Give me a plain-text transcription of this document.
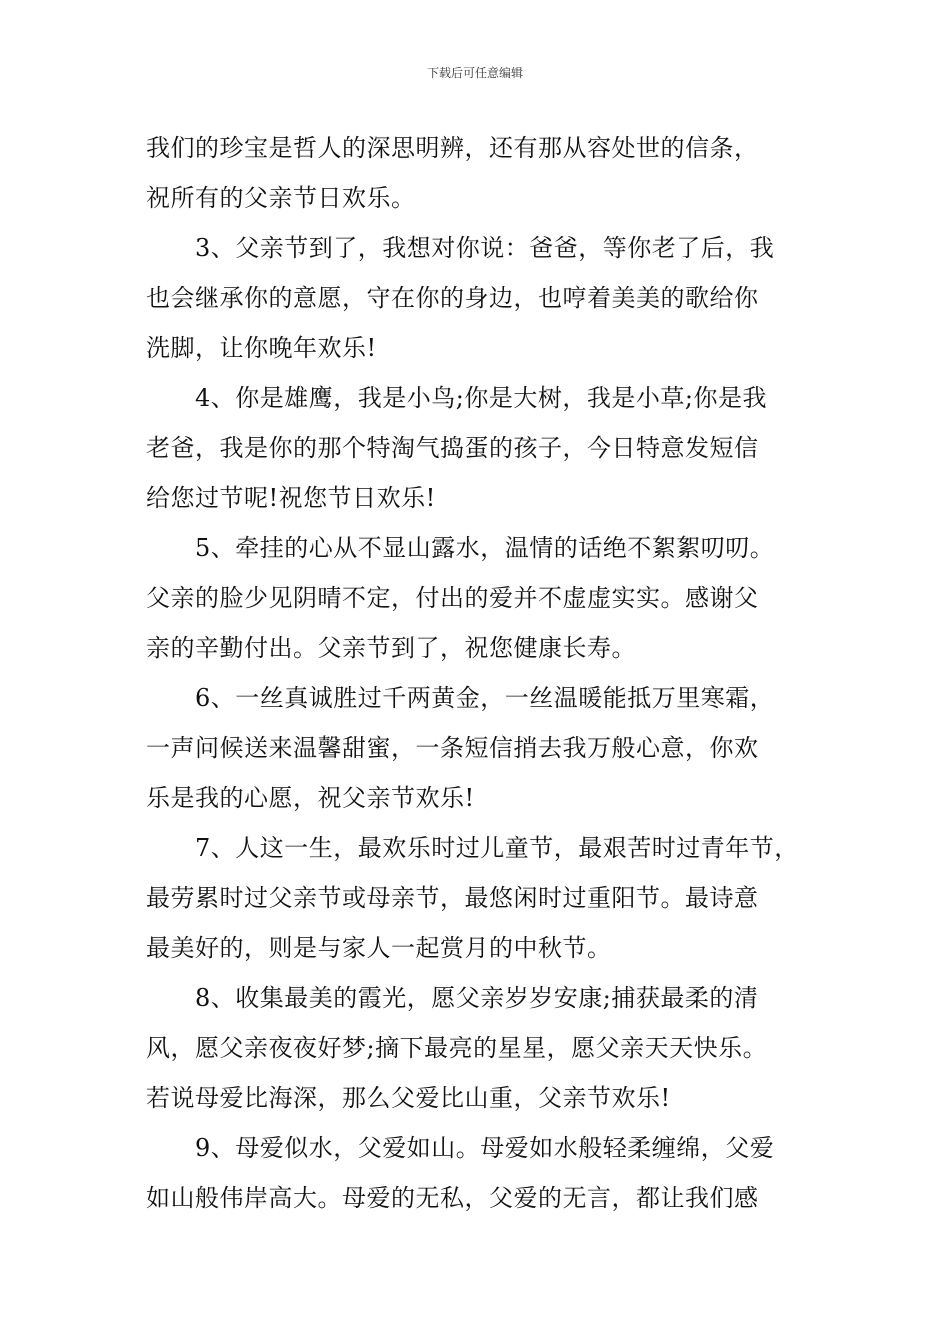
下载后可任意编辑
我们的珍宝是哲人的深思明辨，还有那从容处世的信条，
祝所有的父亲节日欢乐。
　　3、父亲节到了，我想对你说：爸爸，等你老了后，我
也会继承你的意愿，守在你的身边，也哼着美美的歌给你
洗脚，让你晚年欢乐!
　　4、你是雄鹰，我是小鸟;你是大树，我是小草;你是我
老爸，我是你的那个特淘气捣蛋的孩子，今日特意发短信
给您过节呢!祝您节日欢乐!
　　5、牵挂的心从不显山露水，温情的话绝不絮絮叨叨。
父亲的脸少见阴晴不定，付出的爱并不虚虚实实。感谢父
亲的辛勤付出。父亲节到了，祝您健康长寿。
　　6、一丝真诚胜过千两黄金，一丝温暖能抵万里寒霜，
一声问候送来温馨甜蜜，一条短信捎去我万般心意，你欢
乐是我的心愿，祝父亲节欢乐!
　　7、人这一生，最欢乐时过儿童节，最艰苦时过青年节，
最劳累时过父亲节或母亲节，最悠闲时过重阳节。最诗意
最美好的，则是与家人一起赏月的中秋节。
　　8、收集最美的霞光，愿父亲岁岁安康;捕获最柔的清
风，愿父亲夜夜好梦;摘下最亮的星星，愿父亲天天快乐。
若说母爱比海深，那么父爱比山重，父亲节欢乐!
　　9、母爱似水，父爱如山。母爱如水般轻柔缠绵，父爱
如山般伟岸高大。母爱的无私，父爱的无言，都让我们感
